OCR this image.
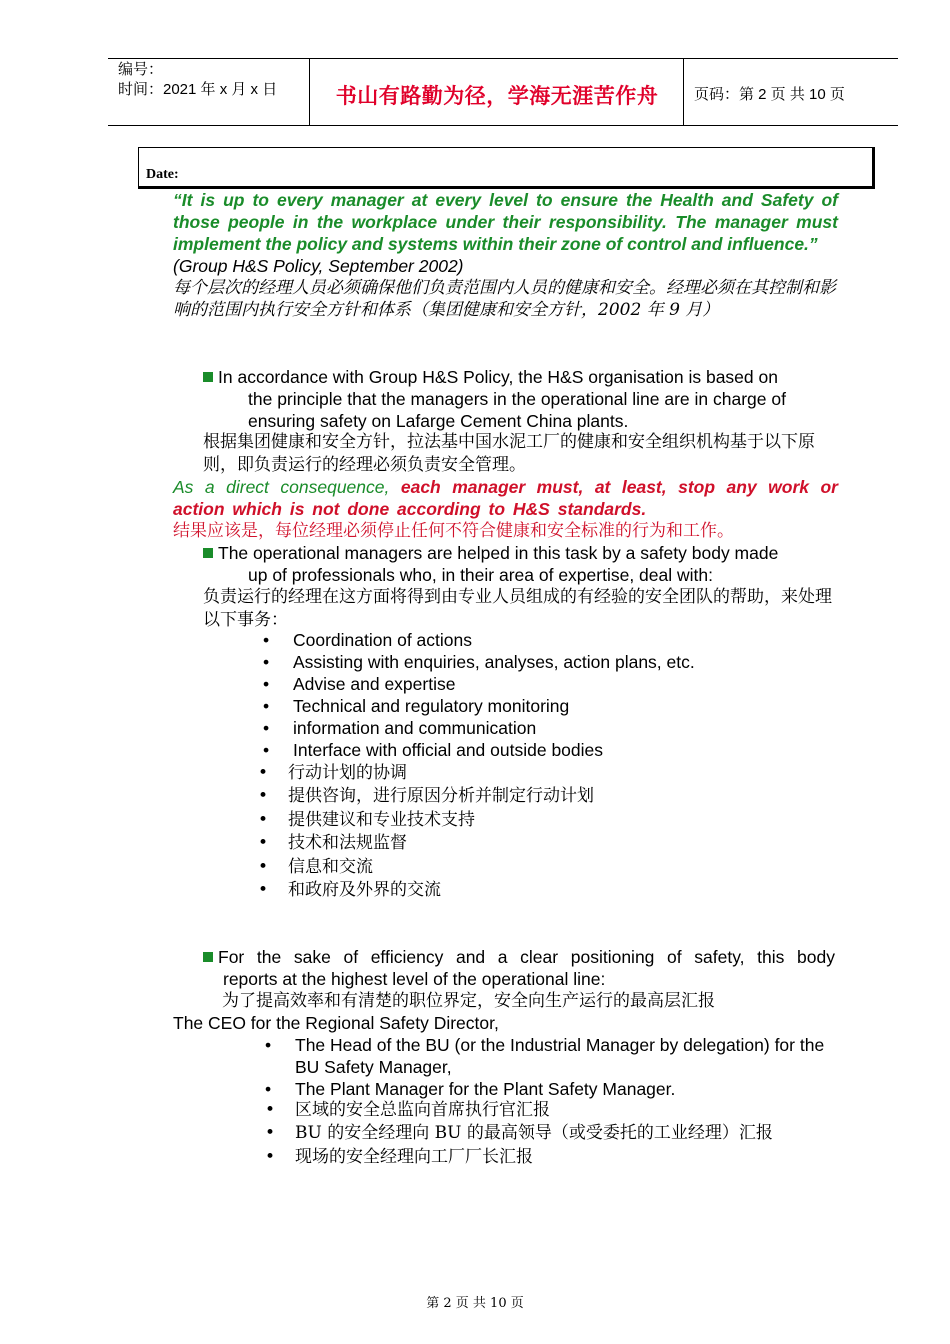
编号：
时间：2021 年 x 月 x 日	书山有路勤为径，学海无涯苦作舟	页码：第 2 页 共 10 页
Date:
“It is up to every manager at every level to ensure the Health and Safety of those people in the workplace under their responsibility. The manager must implement the policy and systems within their zone of control and influence.”
(Group H&S Policy, September 2002)
每个层次的经理人员必须确保他们负责范围内人员的健康和安全。经理必须在其控制和影响的范围内执行安全方针和体系（集团健康和安全方针，2002 年 9 月）
In accordance with Group H&S Policy, the H&S organisation is based on
the principle that the managers in the operational line are in charge of ensuring safety on Lafarge Cement China plants.
根据集团健康和安全方针，拉法基中国水泥工厂的健康和安全组织机构基于以下原则，即负责运行的经理必须负责安全管理。
As a direct consequence, each manager must, at least, stop any work or action which is not done according to H&S standards.
结果应该是，每位经理必须停止任何不符合健康和安全标准的行为和工作。
The operational managers are helped in this task by a safety body made
up of professionals who, in their area of expertise, deal with:
负责运行的经理在这方面将得到由专业人员组成的有经验的安全团队的帮助，来处理以下事务：
• Coordination of actions
• Assisting with enquiries, analyses, action plans, etc.
• Advise and expertise
• Technical and regulatory monitoring
• information and communication
• Interface with official and outside bodies
• 行动计划的协调
• 提供咨询，进行原因分析并制定行动计划
• 提供建议和专业技术支持
• 技术和法规监督
• 信息和交流
• 和政府及外界的交流
For the sake of efficiency and a clear positioning of safety, this body
reports at the highest level of the operational line:
为了提高效率和有清楚的职位界定，安全向生产运行的最高层汇报
The CEO for the Regional Safety Director,
• The Head of the BU (or the Industrial Manager by delegation) for the BU Safety Manager,
• The Plant Manager for the Plant Safety Manager.
• 区域的安全总监向首席执行官汇报
• BU 的安全经理向 BU 的最高领导（或受委托的工业经理）汇报
• 现场的安全经理向工厂厂长汇报
第 2 页 共 10 页
